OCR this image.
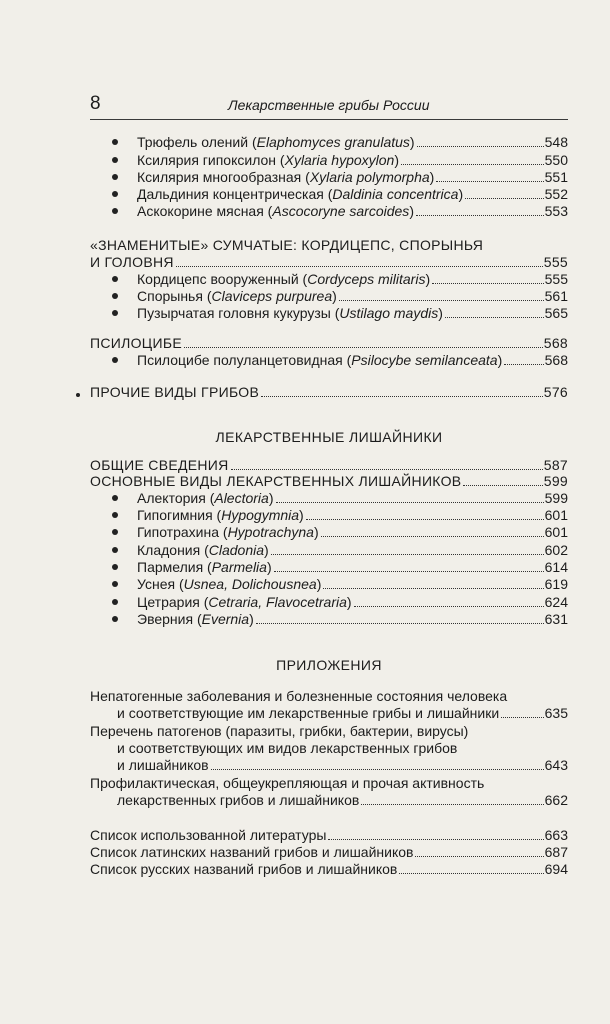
8	Лекарственные грибы России
Трюфель олений (Elaphomyces granulatus)	548
Ксилярия гипоксилон (Xylaria hypoxylon)	550
Ксилярия многообразная (Xylaria polymorpha)	551
Дальдиния концентрическая (Daldinia concentrica)	552
Аскокорине мясная (Ascocoryne sarcoides)	553
«ЗНАМЕНИТЫЕ» СУМЧАТЫЕ: КОРДИЦЕПС, СПОРЫНЬЯ
И ГОЛОВНЯ	555
Кордицепс вооруженный (Cordyceps militaris)	555
Спорынья (Claviceps purpurea)	561
Пузырчатая головня кукурузы (Ustilago maydis)	565
ПСИЛОЦИБЕ	568
Псилоцибе полуланцетовидная (Psilocybe semilanceata)	568
ПРОЧИЕ ВИДЫ ГРИБОВ	576
ЛЕКАРСТВЕННЫЕ ЛИШАЙНИКИ
ОБЩИЕ СВЕДЕНИЯ	587
ОСНОВНЫЕ ВИДЫ ЛЕКАРСТВЕННЫХ ЛИШАЙНИКОВ	599
Алектория (Alectoria)	599
Гипогимния (Hypogymnia)	601
Гипотрахина (Hypotrachyna)	601
Кладония (Cladonia)	602
Пармелия (Parmelia)	614
Уснея (Usnea, Dolichousnea)	619
Цетрария (Cetraria, Flavocetraria)	624
Эверния (Evernia)	631
ПРИЛОЖЕНИЯ
Непатогенные заболевания и болезненные состояния человека
и соответствующие им лекарственные грибы и лишайники	635
Перечень патогенов (паразиты, грибки, бактерии, вирусы)
и соответствующих им видов лекарственных грибов
и лишайников	643
Профилактическая, общеукрепляющая и прочая активность
лекарственных грибов и лишайников	662
Список использованной литературы	663
Список латинских названий грибов и лишайников	687
Список русских названий грибов и лишайников	694
